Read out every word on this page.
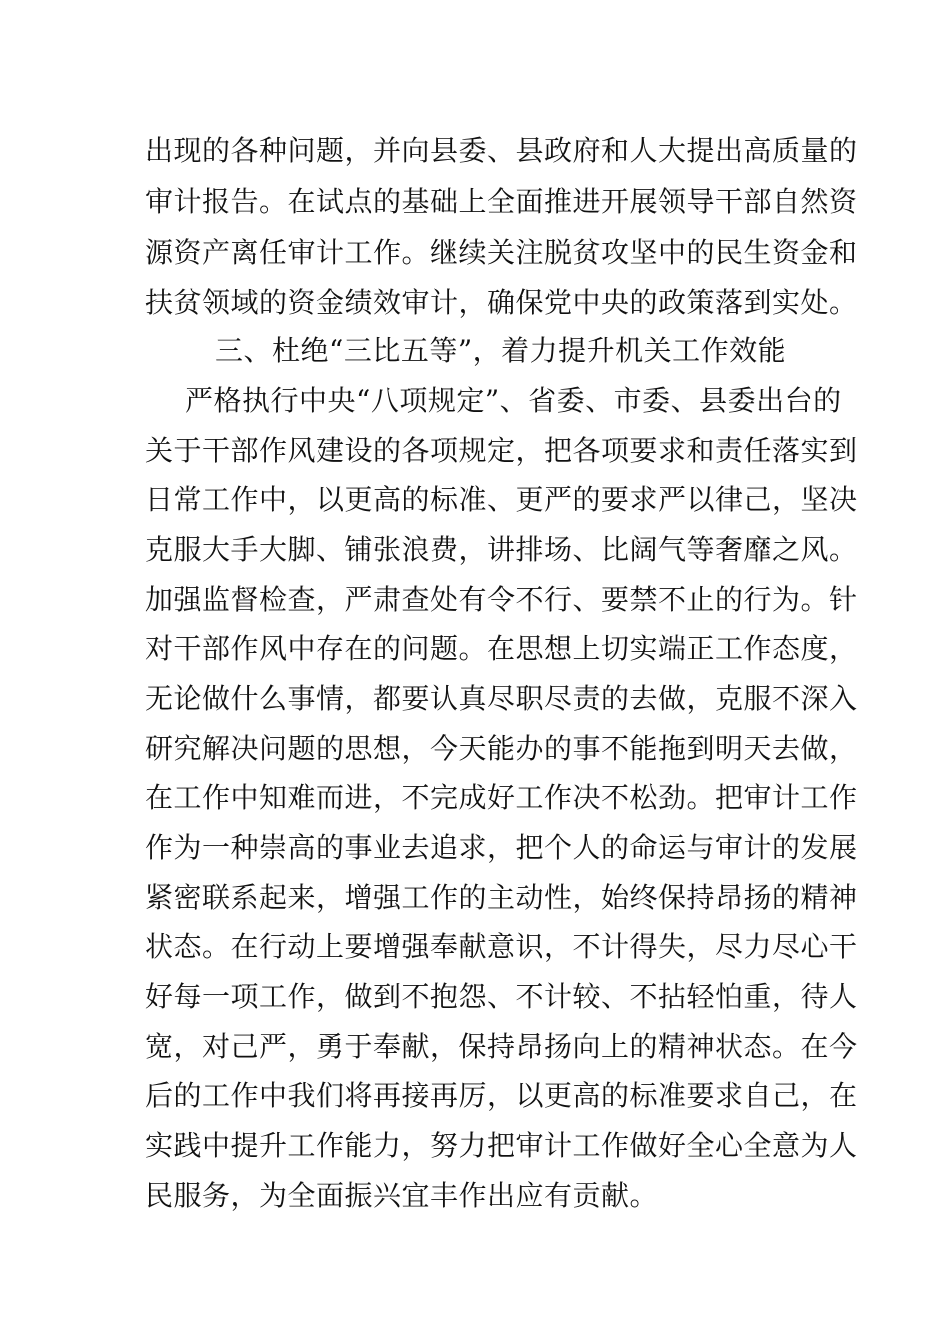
出现的各种问题，并向县委、县政府和人大提出高质量的
审计报告。在试点的基础上全面推进开展领导干部自然资
源资产离任审计工作。继续关注脱贫攻坚中的民生资金和
扶贫领域的资金绩效审计，确保党中央的政策落到实处。
三、杜绝“三比五等”，着力提升机关工作效能
严格执行中央“八项规定”、省委、市委、县委出台的
关于干部作风建设的各项规定，把各项要求和责任落实到
日常工作中，以更高的标准、更严的要求严以律己，坚决
克服大手大脚、铺张浪费，讲排场、比阔气等奢靡之风。
加强监督检查，严肃查处有令不行、要禁不止的行为。针
对干部作风中存在的问题。在思想上切实端正工作态度，
无论做什么事情，都要认真尽职尽责的去做，克服不深入
研究解决问题的思想，今天能办的事不能拖到明天去做，
在工作中知难而进，不完成好工作决不松劲。把审计工作
作为一种崇高的事业去追求，把个人的命运与审计的发展
紧密联系起来，增强工作的主动性，始终保持昂扬的精神
状态。在行动上要增强奉献意识，不计得失，尽力尽心干
好每一项工作，做到不抱怨、不计较、不拈轻怕重，待人
宽，对己严，勇于奉献，保持昂扬向上的精神状态。在今
后的工作中我们将再接再厉，以更高的标准要求自己，在
实践中提升工作能力，努力把审计工作做好全心全意为人
民服务，为全面振兴宜丰作出应有贡献。
